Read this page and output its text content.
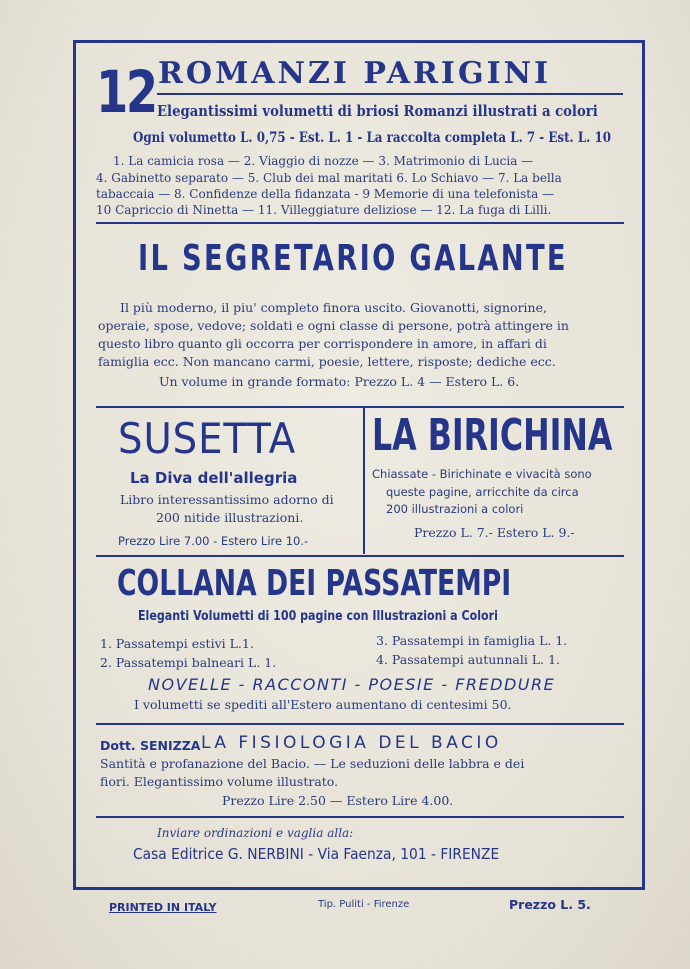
12 ROMANZI PARIGINI
Elegantissimi volumetti di briosi Romanzi illustrati a colori
Ogni volumetto L. 0,75 - Est. L. 1 - La raccolta completa L. 7 - Est. L. 10
1. La camicia rosa — 2. Viaggio di nozze — 3. Matrimonio di Lucia —
4. Gabinetto separato — 5. Club dei mal maritati 6. Lo Schiavo — 7. La bella
tabaccaia — 8. Confidenze della fidanzata - 9 Memorie di una telefonista —
10 Capriccio di Ninetta — 11. Villeggiature deliziose — 12. La fuga di Lilli.
IL SEGRETARIO GALANTE
Il più moderno, il piu' completo finora uscito. Giovanotti, signorine,
operaie, spose, vedove; soldati e ogni classe di persone, potrà attingere in
questo libro quanto gli occorra per corrispondere in amore, in affari di
famiglia ecc. Non mancano carmi, poesie, lettere, risposte; dediche ecc.
Un volume in grande formato: Prezzo L. 4 — Estero L. 6.
SUSETTA
La Diva dell'allegria
Libro interessantissimo adorno di
200 nitide illustrazioni.
Prezzo Lire 7.00 - Estero Lire 10.-
LA BIRICHINA
Chiassate - Birichinate e vivacità sono
queste pagine, arricchite da circa
200 illustrazioni a colori
Prezzo L. 7.- Estero L. 9.-
COLLANA DEI PASSATEMPI
Eleganti Volumetti di 100 pagine con Illustrazioni a Colori
1. Passatempi estivi L.1.
2. Passatempi balneari L. 1.
3. Passatempi in famiglia L. 1.
4. Passatempi autunnali L. 1.
NOVELLE - RACCONTI - POESIE - FREDDURE
I volumetti se spediti all'Estero aumentano di centesimi 50.
Dott. SENIZZA LA FISIOLOGIA DEL BACIO
Santità e profanazione del Bacio. — Le seduzioni delle labbra e dei
fiori. Elegantissimo volume illustrato.
Prezzo Lire 2.50 — Estero Lire 4.00.
Inviare ordinazioni e vaglia alla:
Casa Editrice G. NERBINI - Via Faenza, 101 - FIRENZE
PRINTED IN ITALY	Tip. Puliti - Firenze	Prezzo L. 5.
